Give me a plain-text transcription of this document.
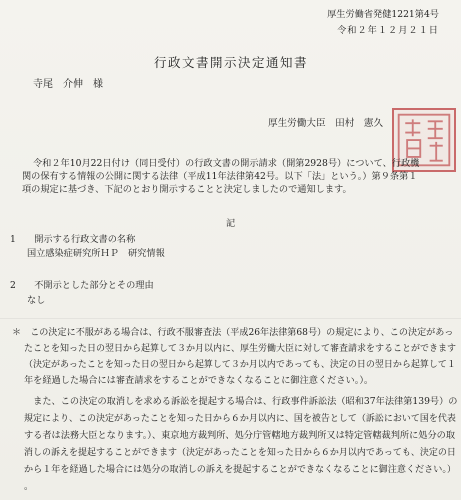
厚生労働省発健1221第4号
令和２年１２月２１日
行政文書開示決定通知書
寺尾　介伸　様
厚生労働大臣　田村　憲久
令和２年10月22日付け（同日受付）の行政文書の開示請求（開第2928号）について、行政機
関の保有する情報の公開に関する法律（平成11年法律第42号。以下「法」という。）第９条第１
項の規定に基づき、下記のとおり開示することと決定しましたので通知します。
記
1　　開示する行政文書の名称
国立感染症研究所ＨＰ　研究情報
2　　不開示とした部分とその理由
なし
＊　この決定に不服がある場合は、行政不服審査法（平成26年法律第68号）の規定により、この決定があっ
たことを知った日の翌日から起算して３か月以内に、厚生労働大臣に対して審査請求をすることができます
（決定があったことを知った日の翌日から起算して３か月以内であっても、決定の日の翌日から起算して１
年を経過した場合には審査請求をすることができなくなることに御注意ください。）。
　また、この決定の取消しを求める訴訟を提起する場合は、行政事件訴訟法（昭和37年法律第139号）の
規定により、この決定があったことを知った日から６か月以内に、国を被告として（訴訟において国を代表
する者は法務大臣となります。）、東京地方裁判所、処分庁管轄地方裁判所又は特定管轄裁判所に処分の取
消しの訴えを提起することができます（決定があったことを知った日から６か月以内であっても、決定の日
から１年を経過した場合には処分の取消しの訴えを提起することができなくなることに御注意ください。）
。
